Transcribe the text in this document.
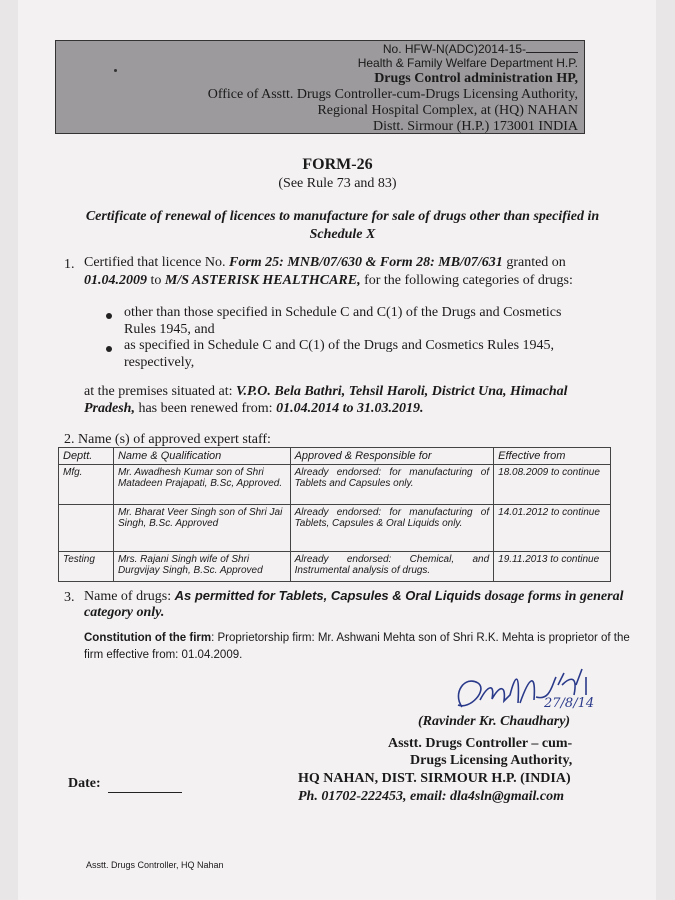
No. HFW-N(ADC)2014-15-
Health & Family Welfare Department H.P.
Drugs Control administration HP,
Office of Asstt. Drugs Controller-cum-Drugs Licensing Authority,
Regional Hospital Complex, at (HQ) NAHAN
Distt. Sirmour (H.P.) 173001 INDIA
FORM-26
(See Rule 73 and 83)
Certificate of renewal of licences to manufacture for sale of drugs other than specified in Schedule X
1. Certified that licence No. Form 25: MNB/07/630 & Form 28: MB/07/631 granted on
01.04.2009 to M/S ASTERISK HEALTHCARE, for the following categories of drugs:
other than those specified in Schedule C and C(1) of the Drugs and Cosmetics
Rules 1945, and
as specified in Schedule C and C(1) of the Drugs and Cosmetics Rules 1945,
respectively,
at the premises situated at: V.P.O. Bela Bathri, Tehsil Haroli, District Una, Himachal
Pradesh, has been renewed from: 01.04.2014 to 31.03.2019.
2. Name (s) of approved expert staff:
Deptt.	Name & Qualification	Approved & Responsible for	Effective from
Mfg.	Mr. Awadhesh Kumar son of Shri Matadeen Prajapati, B.Sc, Approved.	Already endorsed: for manufacturing of Tablets and Capsules only.	18.08.2009 to continue
	Mr. Bharat Veer Singh son of Shri Jai Singh, B.Sc. Approved	Already endorsed: for manufacturing of Tablets, Capsules & Oral Liquids only.	14.01.2012 to continue
Testing	Mrs. Rajani Singh wife of Shri Durgvijay Singh, B.Sc. Approved	Already endorsed: Chemical, and Instrumental analysis of drugs.	19.11.2013 to continue
3. Name of drugs: As permitted for Tablets, Capsules & Oral Liquids dosage forms in general
category only.
Constitution of the firm: Proprietorship firm: Mr. Ashwani Mehta son of Shri R.K. Mehta is proprietor of the
firm effective from: 01.04.2009.
27/8/14
(Ravinder Kr. Chaudhary)
Asstt. Drugs Controller – cum-
Drugs Licensing Authority,
HQ NAHAN, DIST. SIRMOUR H.P. (INDIA)
Ph. 01702-222453, email: dla4sln@gmail.com
Date:
Asstt. Drugs Controller, HQ Nahan
